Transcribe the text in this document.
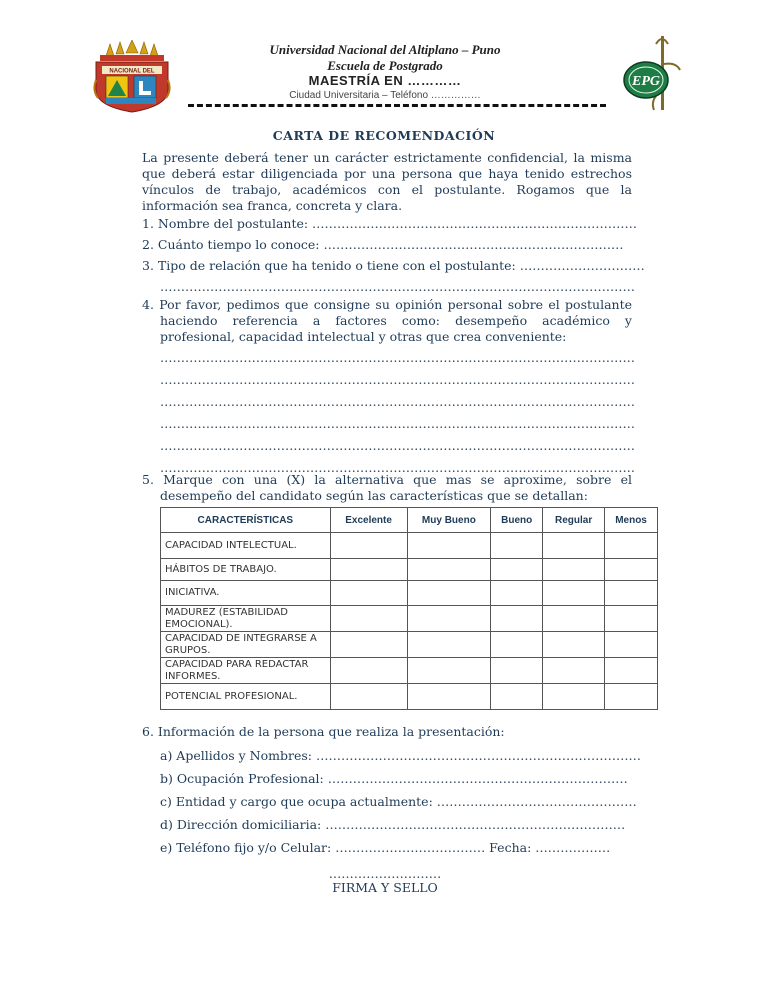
NACIONAL DEL
EPG
Universidad Nacional del Altiplano – Puno
Escuela de Postgrado
MAESTRÍA EN …………
Ciudad Universitaria – Teléfono ……………
CARTA DE RECOMENDACIÓN
La presente deberá tener un carácter estrictamente confidencial, la misma que deberá estar diligenciada por una persona que haya tenido estrechos vínculos de trabajo, académicos con el postulante. Rogamos que la información sea franca, concreta y clara.
1. Nombre del postulante: ……………………………………………………………………
2. Cuánto tiempo lo conoce: ………………………………………………………………
3. Tipo de relación que ha tenido o tiene con el postulante: …………………………
……………………………………………………………………………………………………
4. Por favor, pedimos que consigne su opinión personal sobre el postulante haciendo referencia a factores como: desempeño académico y profesional, capacidad intelectual y otras que crea conveniente:
……………………………………………………………………………………………………
……………………………………………………………………………………………………
……………………………………………………………………………………………………
……………………………………………………………………………………………………
……………………………………………………………………………………………………
……………………………………………………………………………………………………
5. Marque con una (X) la alternativa que mas se aproxime, sobre el desempeño del candidato según las características que se detallan:
CARACTERÍSTICAS	Excelente	Muy Bueno	Bueno	Regular	Menos
CAPACIDAD INTELECTUAL.					
HÁBITOS DE TRABAJO.					
INICIATIVA.					
MADUREZ (ESTABILIDAD EMOCIONAL).					
CAPACIDAD DE INTEGRARSE A GRUPOS.					
CAPACIDAD PARA REDACTAR INFORMES.					
POTENCIAL PROFESIONAL.					
6. Información de la persona que realiza la presentación:
a) Apellidos y Nombres: ……………………………………………………………………
b) Ocupación Profesional: ………………………………………………………………
c) Entidad y cargo que ocupa actualmente: …………………………………………
d) Dirección domiciliaria: ………………………………………………………………
e) Teléfono fijo y/o Celular: ……………………………… Fecha: ………………
………………………
FIRMA Y SELLO
